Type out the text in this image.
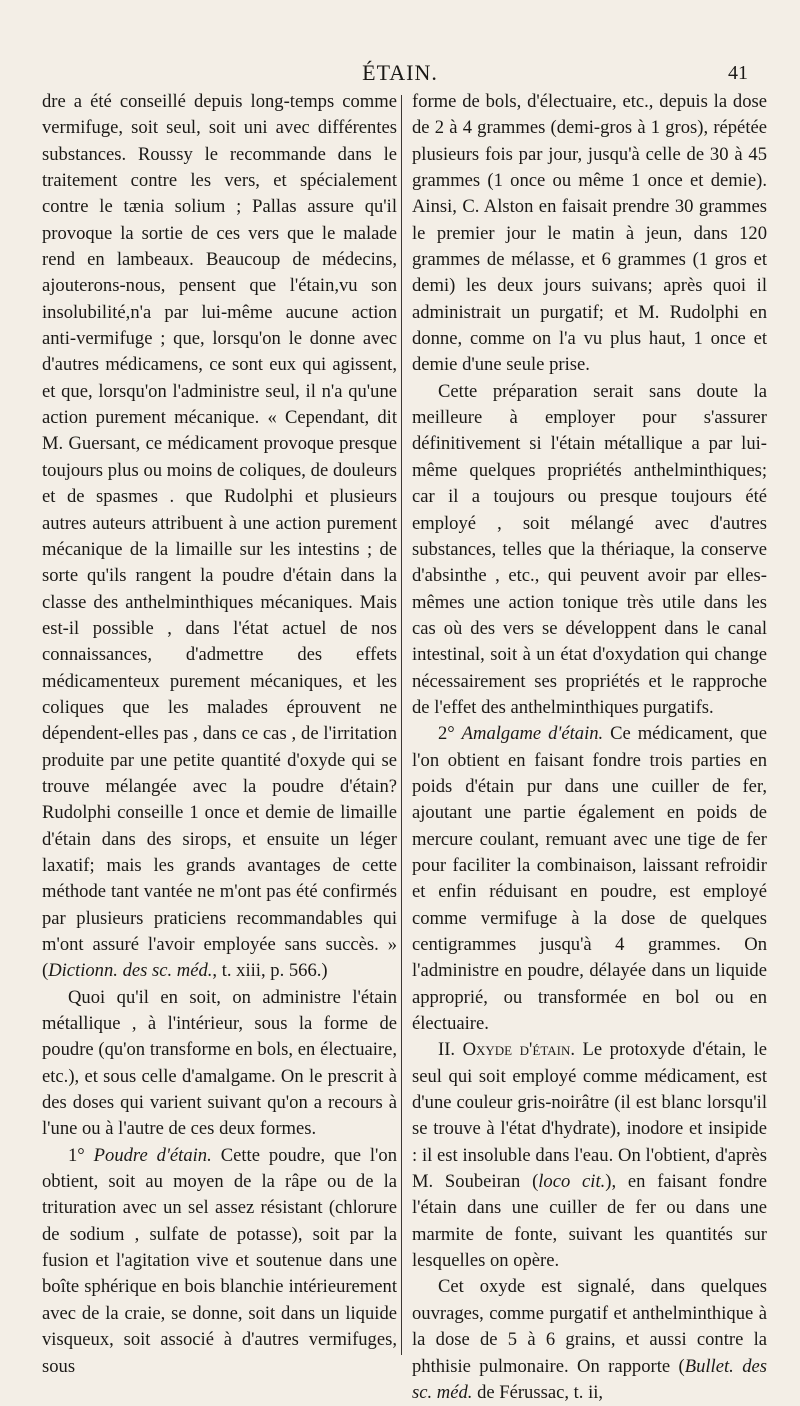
ÉTAIN.	41

dre a été conseillé depuis long-temps comme vermifuge, soit seul, soit uni avec différentes substances. Roussy le recommande dans le traitement contre les vers, et spécialement contre le tænia solium ; Pallas assure qu'il provoque la sortie de ces vers que le malade rend en lambeaux. Beaucoup de médecins, ajouterons-nous, pensent que l'étain,vu son insolubilité,n'a par lui-même aucune action anti-vermifuge ; que, lorsqu'on le donne avec d'autres médicamens, ce sont eux qui agissent, et que, lorsqu'on l'administre seul, il n'a qu'une action purement mécanique. « Cependant, dit M. Guersant, ce médicament provoque presque toujours plus ou moins de coliques, de douleurs et de spasmes . que Rudolphi et plusieurs autres auteurs attribuent à une action purement mécanique de la limaille sur les intestins ; de sorte qu'ils rangent la poudre d'étain dans la classe des anthelminthiques mécaniques. Mais est-il possible , dans l'état actuel de nos connaissances, d'admettre des effets médicamenteux purement mécaniques, et les coliques que les malades éprouvent ne dépendent-elles pas , dans ce cas , de l'irritation produite par une petite quantité d'oxyde qui se trouve mélangée avec la poudre d'étain? Rudolphi conseille 1 once et demie de limaille d'étain dans des sirops, et ensuite un léger laxatif; mais les grands avantages de cette méthode tant vantée ne m'ont pas été confirmés par plusieurs praticiens recommandables qui m'ont assuré l'avoir employée sans succès. » (Dictionn. des sc. méd., t. xiii, p. 566.)

Quoi qu'il en soit, on administre l'étain métallique , à l'intérieur, sous la forme de poudre (qu'on transforme en bols, en électuaire, etc.), et sous celle d'amalgame. On le prescrit à des doses qui varient suivant qu'on a recours à l'une ou à l'autre de ces deux formes.

1° Poudre d'étain. Cette poudre, que l'on obtient, soit au moyen de la râpe ou de la trituration avec un sel assez résistant (chlorure de sodium , sulfate de potasse), soit par la fusion et l'agitation vive et soutenue dans une boîte sphérique en bois blanchie intérieurement avec de la craie, se donne, soit dans un liquide visqueux, soit associé à d'autres vermifuges, sous

forme de bols, d'électuaire, etc., depuis la dose de 2 à 4 grammes (demi-gros à 1 gros), répétée plusieurs fois par jour, jusqu'à celle de 30 à 45 grammes (1 once ou même 1 once et demie). Ainsi, C. Alston en faisait prendre 30 grammes le premier jour le matin à jeun, dans 120 grammes de mélasse, et 6 grammes (1 gros et demi) les deux jours suivans; après quoi il administrait un purgatif; et M. Rudolphi en donne, comme on l'a vu plus haut, 1 once et demie d'une seule prise.

Cette préparation serait sans doute la meilleure à employer pour s'assurer définitivement si l'étain métallique a par lui-même quelques propriétés anthelminthiques; car il a toujours ou presque toujours été employé , soit mélangé avec d'autres substances, telles que la thériaque, la conserve d'absinthe , etc., qui peuvent avoir par elles-mêmes une action tonique très utile dans les cas où des vers se développent dans le canal intestinal, soit à un état d'oxydation qui change nécessairement ses propriétés et le rapproche de l'effet des anthelminthiques purgatifs.

2° Amalgame d'étain. Ce médicament, que l'on obtient en faisant fondre trois parties en poids d'étain pur dans une cuiller de fer, ajoutant une partie également en poids de mercure coulant, remuant avec une tige de fer pour faciliter la combinaison, laissant refroidir et enfin réduisant en poudre, est employé comme vermifuge à la dose de quelques centigrammes jusqu'à 4 grammes. On l'administre en poudre, délayée dans un liquide approprié, ou transformée en bol ou en électuaire.

II. Oxyde d'étain. Le protoxyde d'étain, le seul qui soit employé comme médicament, est d'une couleur gris-noirâtre (il est blanc lorsqu'il se trouve à l'état d'hydrate), inodore et insipide : il est insoluble dans l'eau. On l'obtient, d'après M. Soubeiran (loco cit.), en faisant fondre l'étain dans une cuiller de fer ou dans une marmite de fonte, suivant les quantités sur lesquelles on opère.

Cet oxyde est signalé, dans quelques ouvrages, comme purgatif et anthelminthique à la dose de 5 à 6 grains, et aussi contre la phthisie pulmonaire. On rapporte (Bullet. des sc. méd. de Férussac, t. ii,
